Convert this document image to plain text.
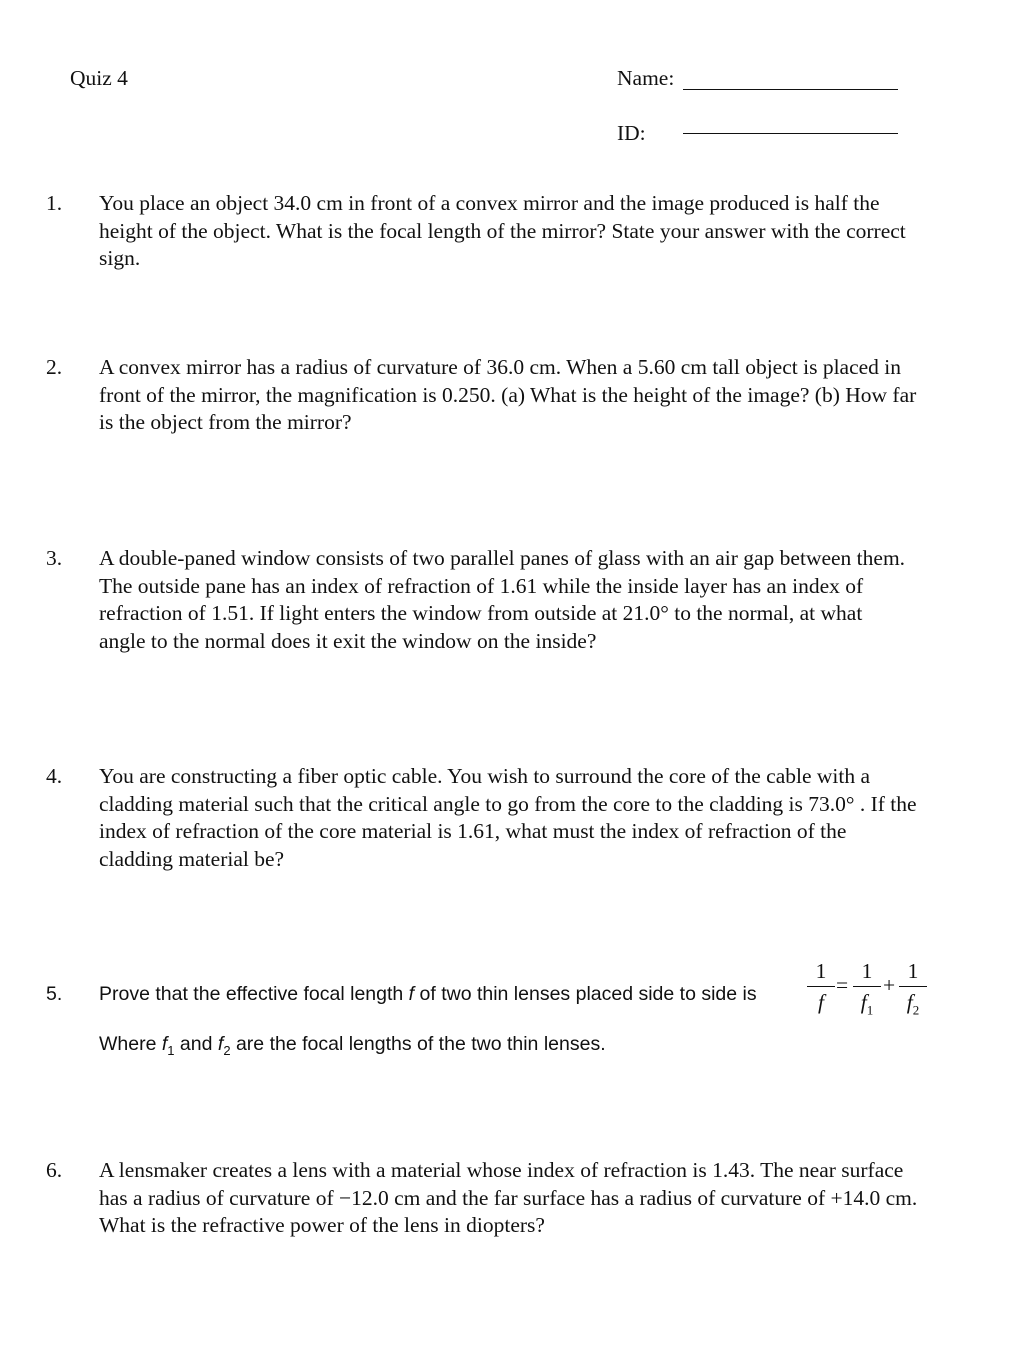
Quiz 4	Name:
ID:
1. You place an object 34.0 cm in front of a convex mirror and the image produced is half the
height of the object. What is the focal length of the mirror? State your answer with the correct
sign.
2. A convex mirror has a radius of curvature of 36.0 cm. When a 5.60 cm tall object is placed in
front of the mirror, the magnification is 0.250. (a) What is the height of the image? (b) How far
is the object from the mirror?
3. A double-paned window consists of two parallel panes of glass with an air gap between them.
The outside pane has an index of refraction of 1.61 while the inside layer has an index of
refraction of 1.51. If light enters the window from outside at 21.0° to the normal, at what
angle to the normal does it exit the window on the inside?
4. You are constructing a fiber optic cable. You wish to surround the core of the cable with a
cladding material such that the critical angle to go from the core to the cladding is 73.0° . If the
index of refraction of the core material is 1.61, what must the index of refraction of the
cladding material be?
5. Prove that the effective focal length f of two thin lenses placed side to side is
1
f
=
1
$f_1$
+
1
$f_2$
Where $f_1$ and $f_2$ are the focal lengths of the two thin lenses.
6. A lensmaker creates a lens with a material whose index of refraction is 1.43. The near surface
has a radius of curvature of −12.0 cm and the far surface has a radius of curvature of +14.0 cm.
What is the refractive power of the lens in diopters?
